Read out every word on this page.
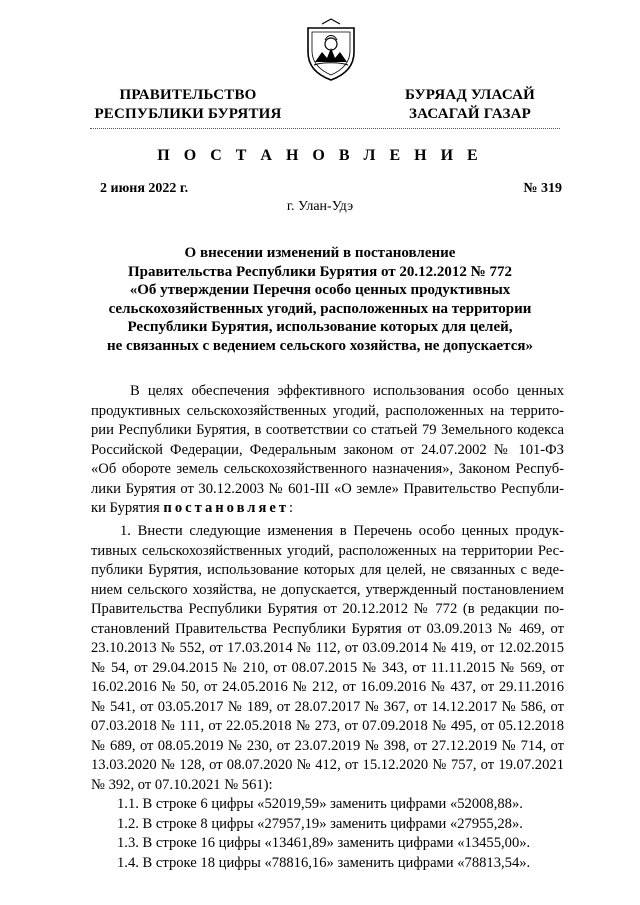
ПРАВИТЕЛЬСТВО
РЕСПУБЛИКИ БУРЯТИЯ
БУРЯАД УЛАСАЙ
ЗАСАГАЙ ГАЗАР
П О С Т А Н О В Л Е Н И Е
2 июня 2022 г.	№ 319
г. Улан-Удэ
О внесении изменений в постановление
Правительства Республики Бурятия от 20.12.2012 № 772
«Об утверждении Перечня особо ценных продуктивных
сельскохозяйственных угодий, расположенных на территории
Республики Бурятия, использование которых для целей,
не связанных с ведением сельского хозяйства, не допускается»
В целях обеспечения эффективного использования особо ценных
продуктивных сельскохозяйственных угодий, расположенных на террито-
рии Республики Бурятия, в соответствии со статьей 79 Земельного кодекса
Российской Федерации, Федеральным законом от 24.07.2002 № 101-ФЗ
«Об обороте земель сельскохозяйственного назначения», Законом Респуб-
лики Бурятия от 30.12.2003 № 601-III «О земле» Правительство Республи-
ки Бурятия постановляет:
1. Внести следующие изменения в Перечень особо ценных продук-
тивных сельскохозяйственных угодий, расположенных на территории Рес-
публики Бурятия, использование которых для целей, не связанных с веде-
нием сельского хозяйства, не допускается, утвержденный постановлением
Правительства Республики Бурятия от 20.12.2012 № 772 (в редакции по-
становлений Правительства Республики Бурятия от 03.09.2013 № 469, от
23.10.2013 № 552, от 17.03.2014 № 112, от 03.09.2014 № 419, от 12.02.2015
№ 54, от 29.04.2015 № 210, от 08.07.2015 № 343, от 11.11.2015 № 569, от
16.02.2016 № 50, от 24.05.2016 № 212, от 16.09.2016 № 437, от 29.11.2016
№ 541, от 03.05.2017 № 189, от 28.07.2017 № 367, от 14.12.2017 № 586, от
07.03.2018 № 111, от 22.05.2018 № 273, от 07.09.2018 № 495, от 05.12.2018
№ 689, от 08.05.2019 № 230, от 23.07.2019 № 398, от 27.12.2019 № 714, от
13.03.2020 № 128, от 08.07.2020 № 412, от 15.12.2020 № 757, от 19.07.2021
№ 392, от 07.10.2021 № 561):
1.1. В строке 6 цифры «52019,59» заменить цифрами «52008,88».
1.2. В строке 8 цифры «27957,19» заменить цифрами «27955,28».
1.3. В строке 16 цифры «13461,89» заменить цифрами «13455,00».
1.4. В строке 18 цифры «78816,16» заменить цифрами «78813,54».
